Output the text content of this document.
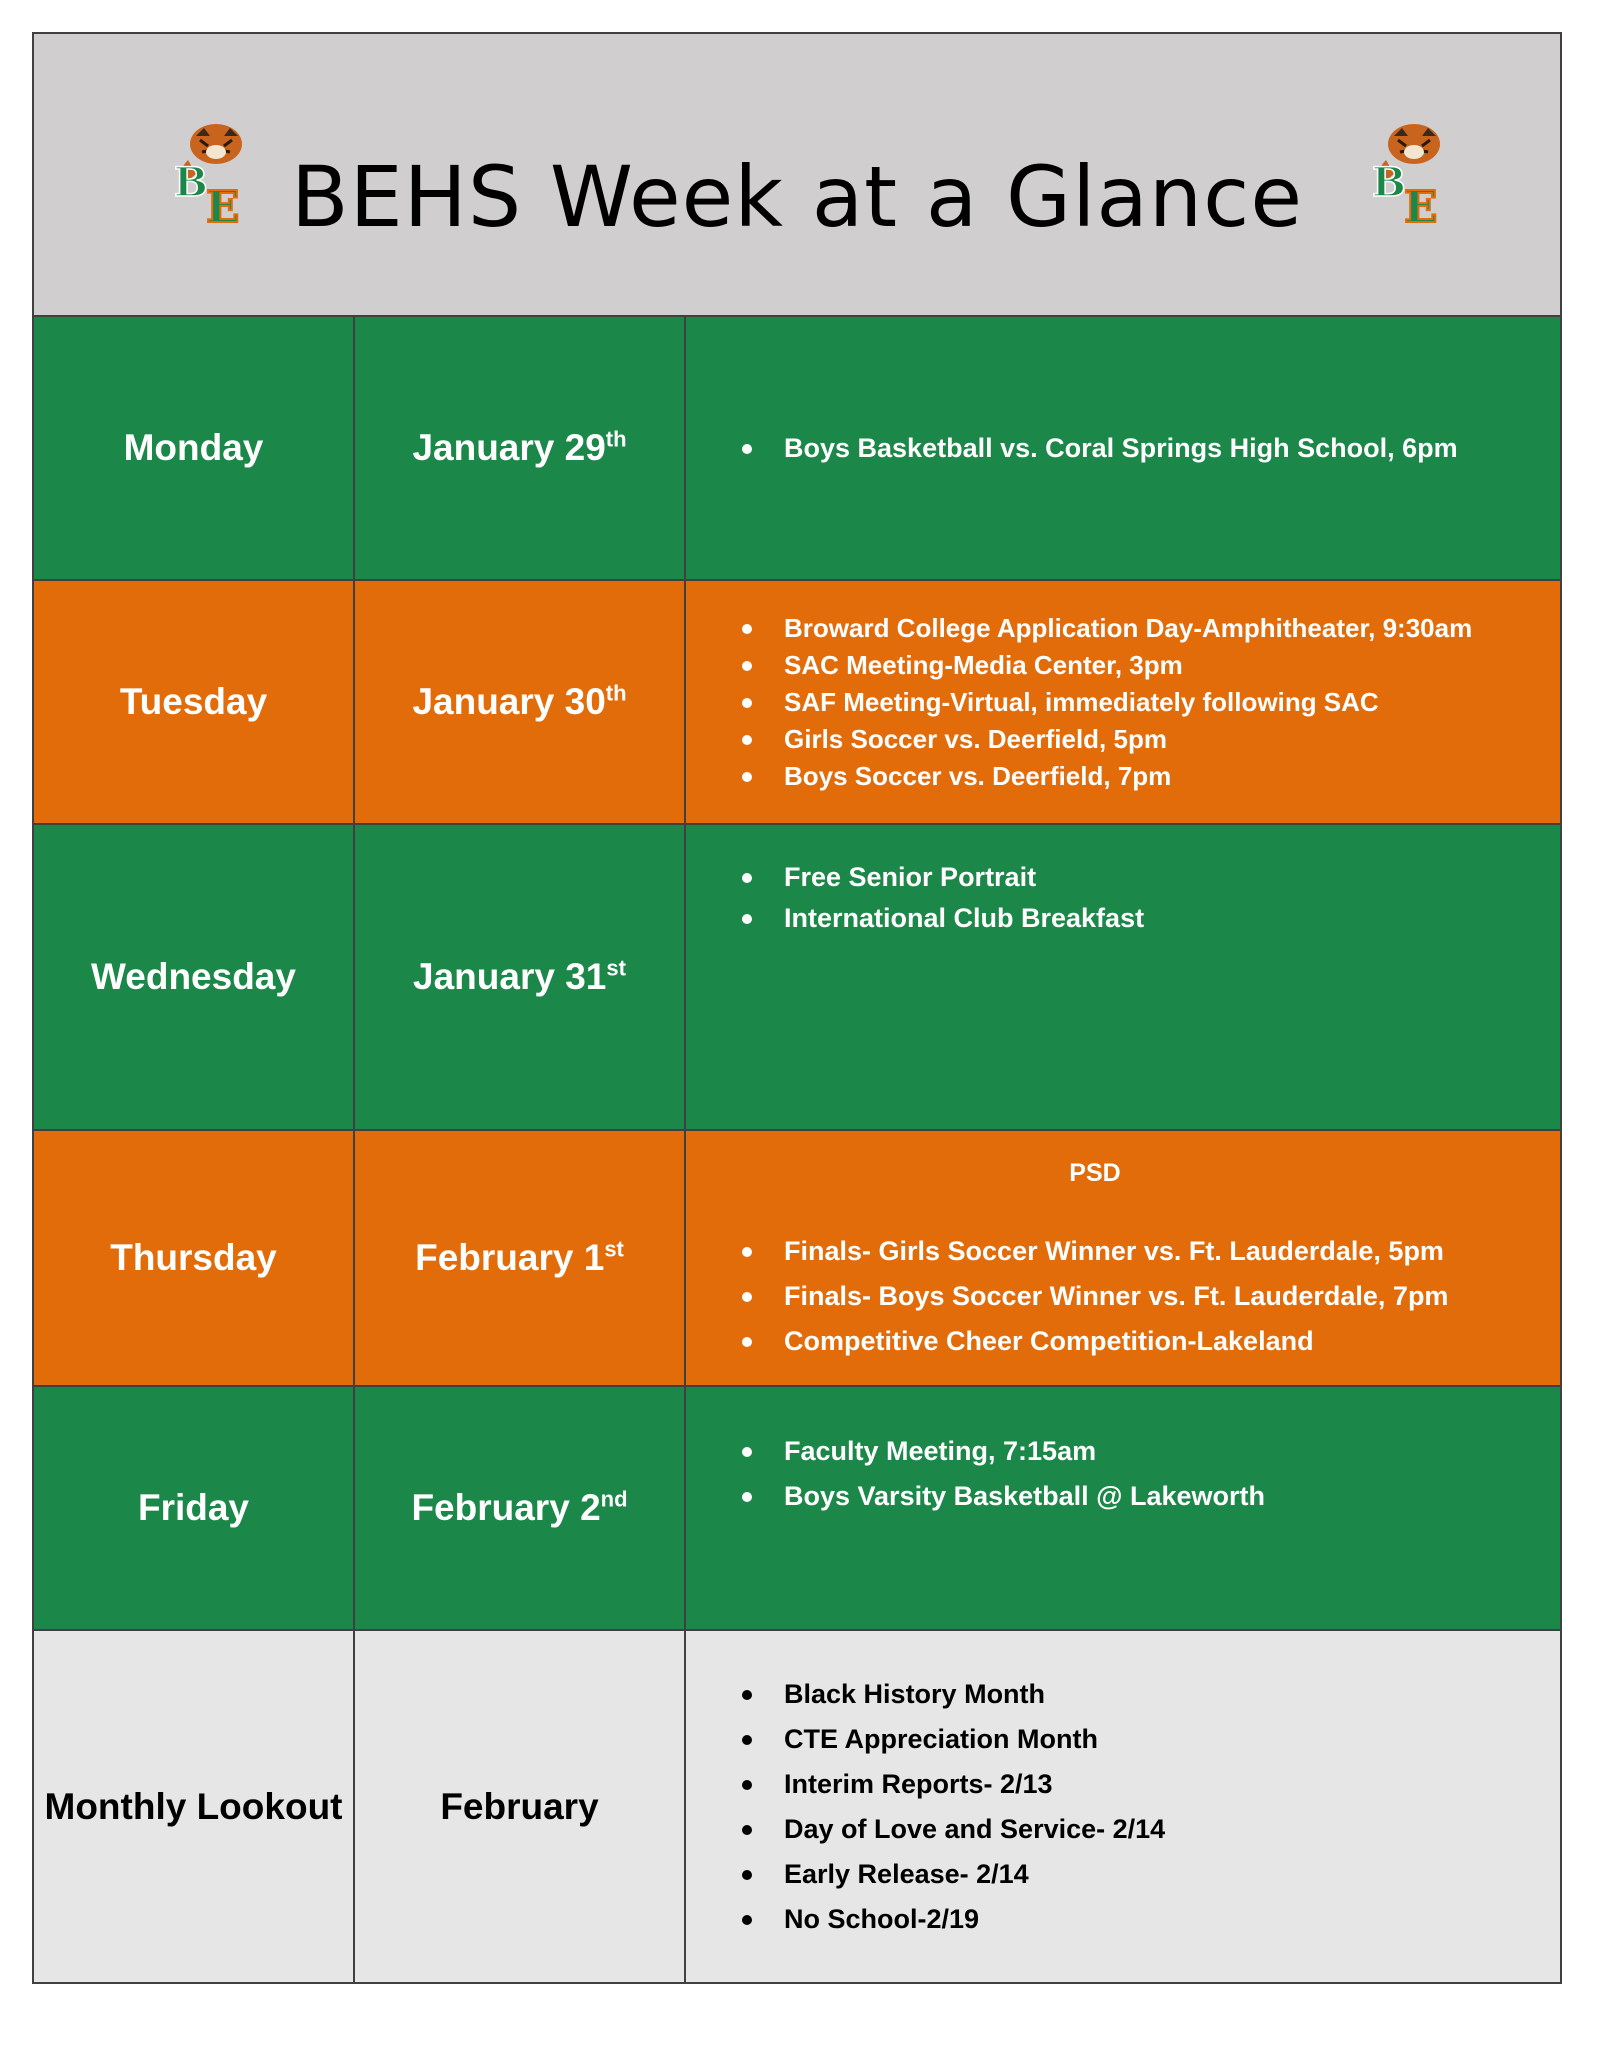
B
E BEHS Week at a Glance	B
E
Monday	January 29th	Boys Basketball vs. Coral Springs High School, 6pm
Tuesday	January 30th
Broward College Application Day-Amphitheater, 9:30am
SAC Meeting-Media Center, 3pm
SAF Meeting-Virtual, immediately following SAC
Girls Soccer vs. Deerfield, 5pm
Boys Soccer vs. Deerfield, 7pm
Wednesday	January 31st
Free Senior Portrait
International Club Breakfast
Thursday	February 1st
PSD
Finals- Girls Soccer Winner vs. Ft. Lauderdale, 5pm
Finals- Boys Soccer Winner vs. Ft. Lauderdale, 7pm
Competitive Cheer Competition-Lakeland
Friday	February 2nd
Faculty Meeting, 7:15am
Boys Varsity Basketball @ Lakeworth
Monthly Lookout	February
Black History Month
CTE Appreciation Month
Interim Reports- 2/13
Day of Love and Service- 2/14
Early Release- 2/14
No School-2/19
